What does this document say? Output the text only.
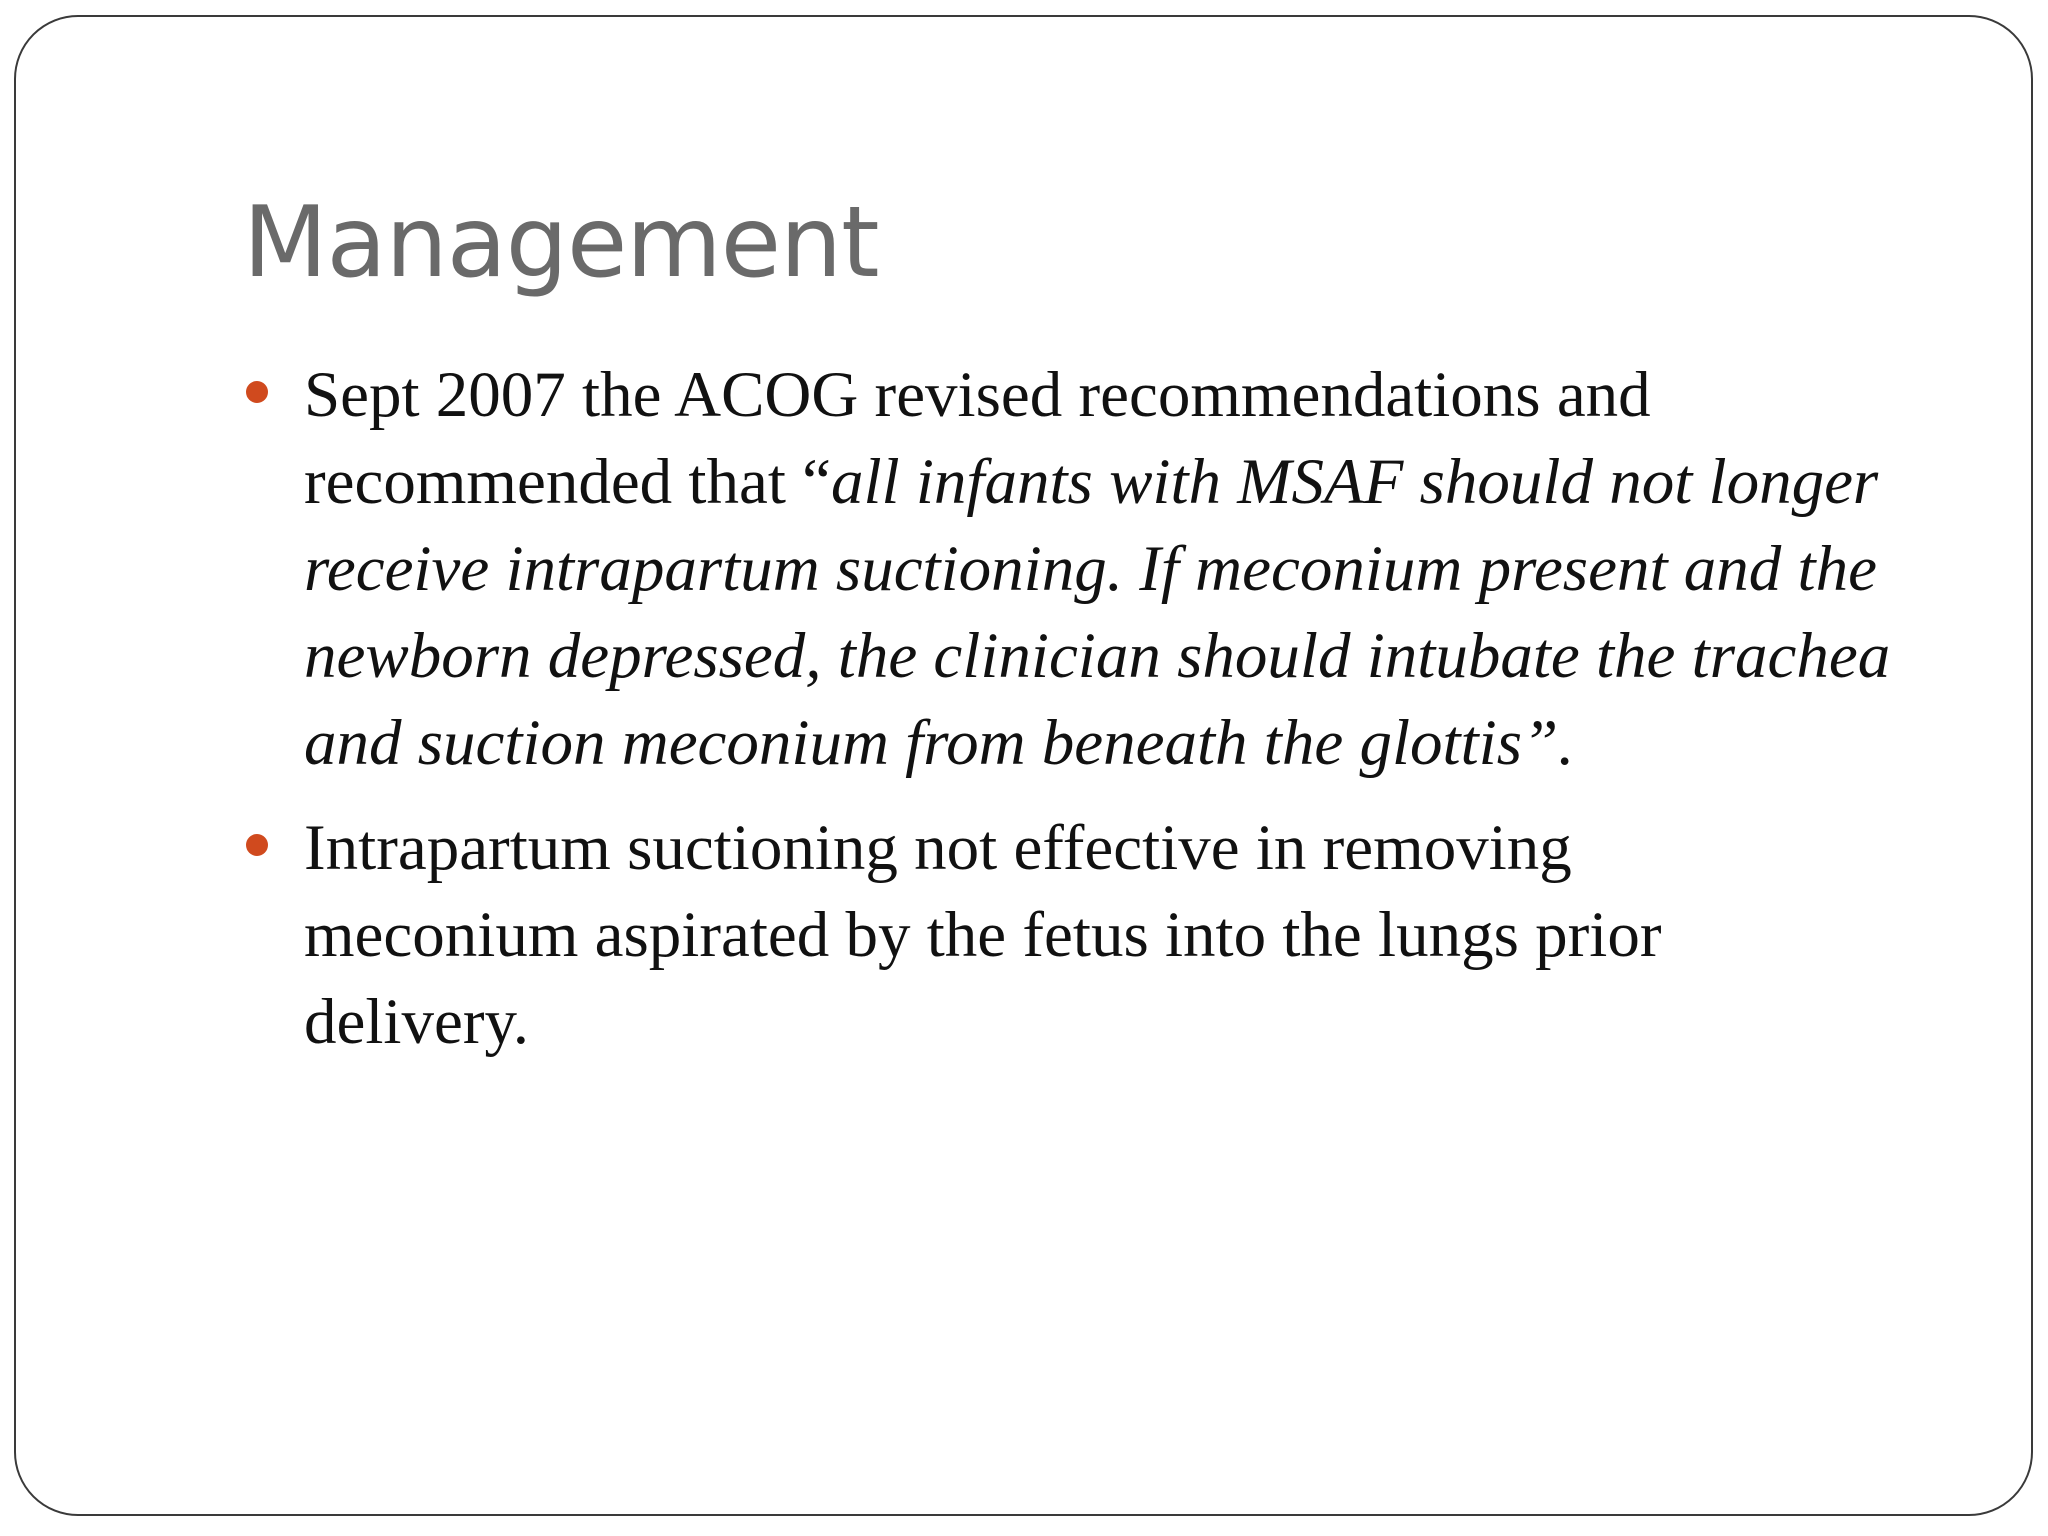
Management
Sept 2007 the ACOG revised recommendations and
recommended that “all infants with MSAF should not longer
receive intrapartum suctioning. If meconium present and the
newborn depressed, the clinician should intubate the trachea
and suction meconium from beneath the glottis”.
Intrapartum suctioning not effective in removing
meconium aspirated by the fetus into the lungs prior
delivery.
